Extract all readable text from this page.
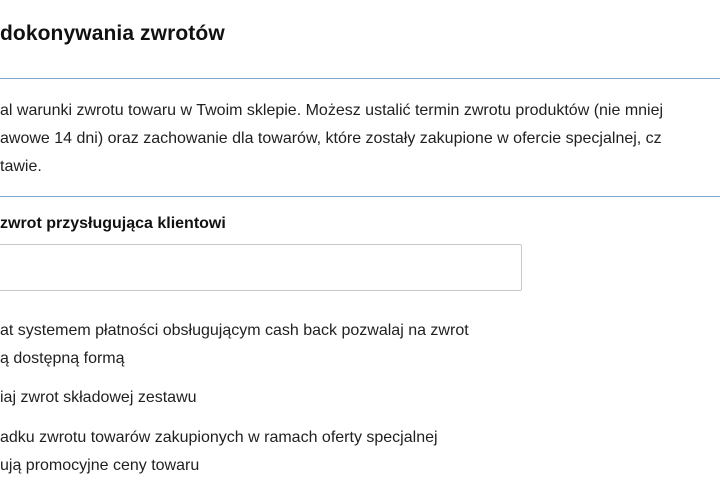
dokonywania zwrotów
al warunki zwrotu towaru w Twoim sklepie. Możesz ustalić termin zwrotu produktów (nie mniej
awowe 14 dni) oraz zachowanie dla towarów, które zostały zakupione w ofercie specjalnej, cz
tawie.
zwrot przysługująca klientowi
at systemem płatności obsługującym cash back pozwalaj na zwrot
ą dostępną formą
iaj zwrot składowej zestawu
adku zwrotu towarów zakupionych w ramach oferty specjalnej
ują promocyjne ceny towaru
